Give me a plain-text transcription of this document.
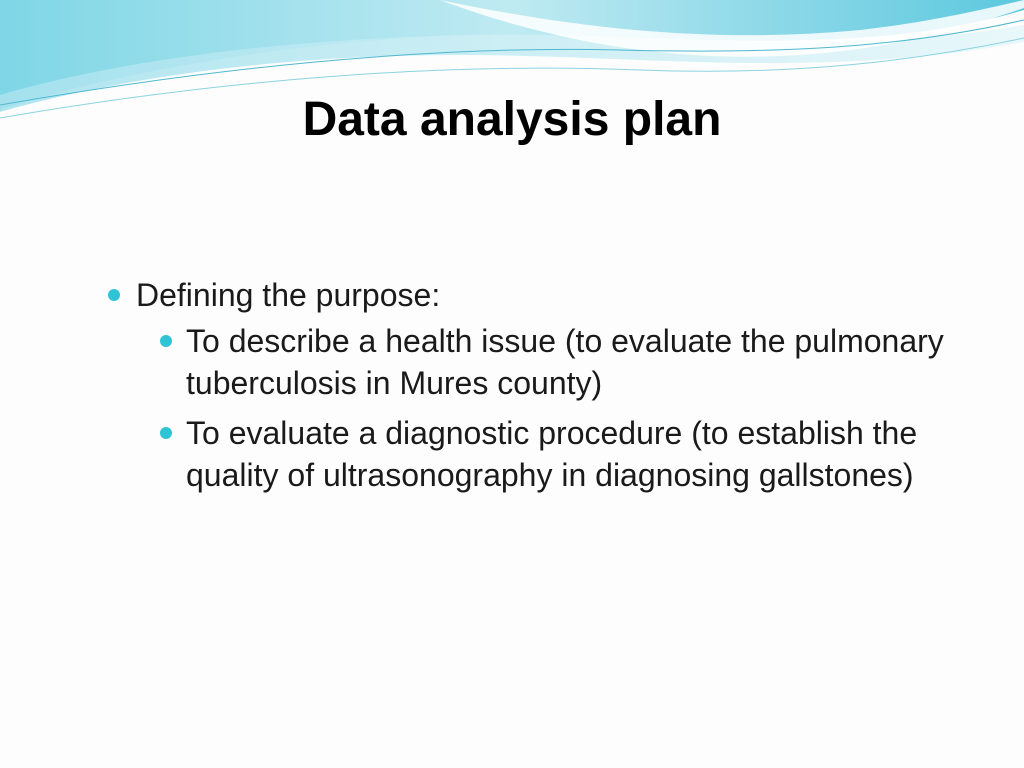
Data analysis plan
Defining the purpose:
To describe a health issue (to evaluate the pulmonary tuberculosis in Mures county)
To evaluate a diagnostic procedure (to establish the quality of ultrasonography in diagnosing gallstones)
